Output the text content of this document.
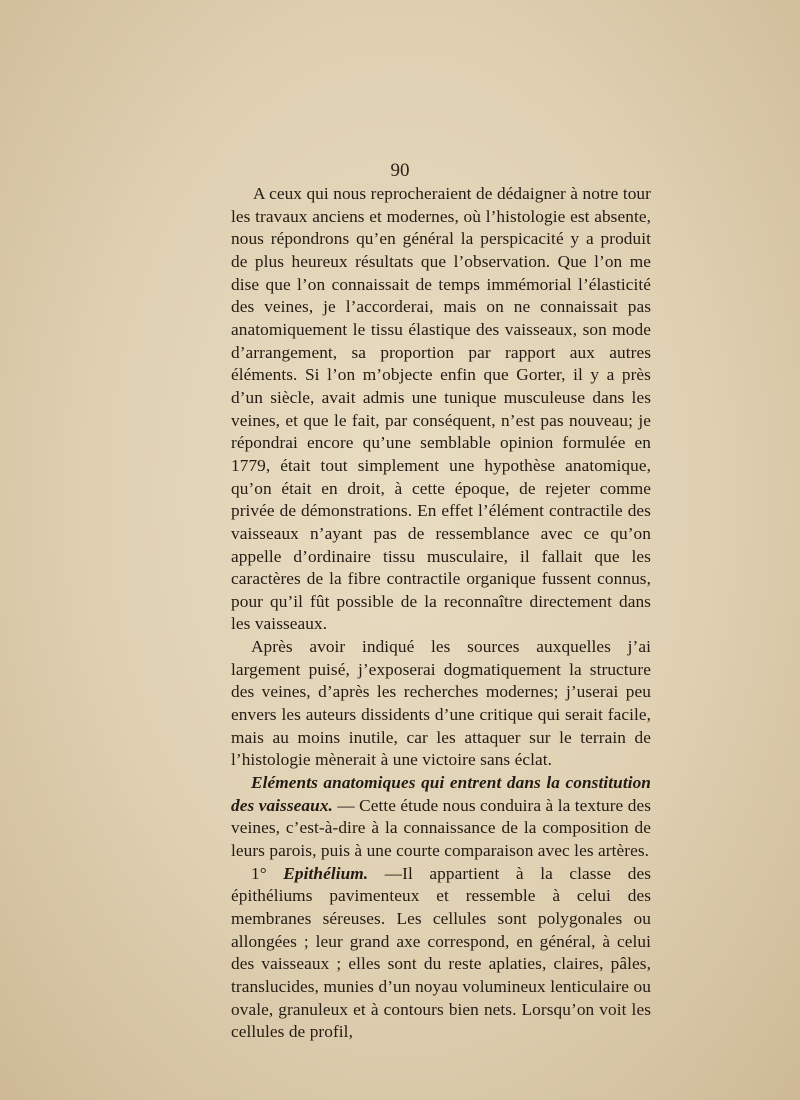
90

A ceux qui nous reprocheraient de dédaigner à notre tour les travaux anciens et modernes, où l’histologie est absente, nous répondrons qu’en général la perspicacité y a produit de plus heureux résultats que l’observation. Que l’on me dise que l’on connaissait de temps immémorial l’élasticité des veines, je l’accorderai, mais on ne connaissait pas anatomiquement le tissu élastique des vaisseaux, son mode d’arrangement, sa proportion par rapport aux autres éléments. Si l’on m’objecte enfin que Gorter, il y a près d’un siècle, avait admis une tunique musculeuse dans les veines, et que le fait, par conséquent, n’est pas nouveau; je répondrai encore qu’une semblable opinion formulée en 1779, était tout simplement une hypothèse anatomique, qu’on était en droit, à cette époque, de rejeter comme privée de démonstrations. En effet l’élément contractile des vaisseaux n’ayant pas de ressemblance avec ce qu’on appelle d’ordinaire tissu musculaire, il fallait que les caractères de la fibre contractile organique fussent connus, pour qu’il fût possible de la reconnaître directement dans les vaisseaux.

Après avoir indiqué les sources auxquelles j’ai largement puisé, j’exposerai dogmatiquement la structure des veines, d’après les recherches modernes; j’userai peu envers les auteurs dissidents d’une critique qui serait facile, mais au moins inutile, car les attaquer sur le terrain de l’histologie mènerait à une victoire sans éclat.

Eléments anatomiques qui entrent dans la constitution des vaisseaux. — Cette étude nous conduira à la texture des veines, c’est-à-dire à la connaissance de la composition de leurs parois, puis à une courte comparaison avec les artères.

1° Epithélium. —Il appartient à la classe des épithéliums pavimenteux et ressemble à celui des membranes séreuses. Les cellules sont polygonales ou allongées ; leur grand axe correspond, en général, à celui des vaisseaux ; elles sont du reste aplaties, claires, pâles, translucides, munies d’un noyau volumineux lenticulaire ou ovale, granuleux et à contours bien nets. Lorsqu’on voit les cellules de profil,
